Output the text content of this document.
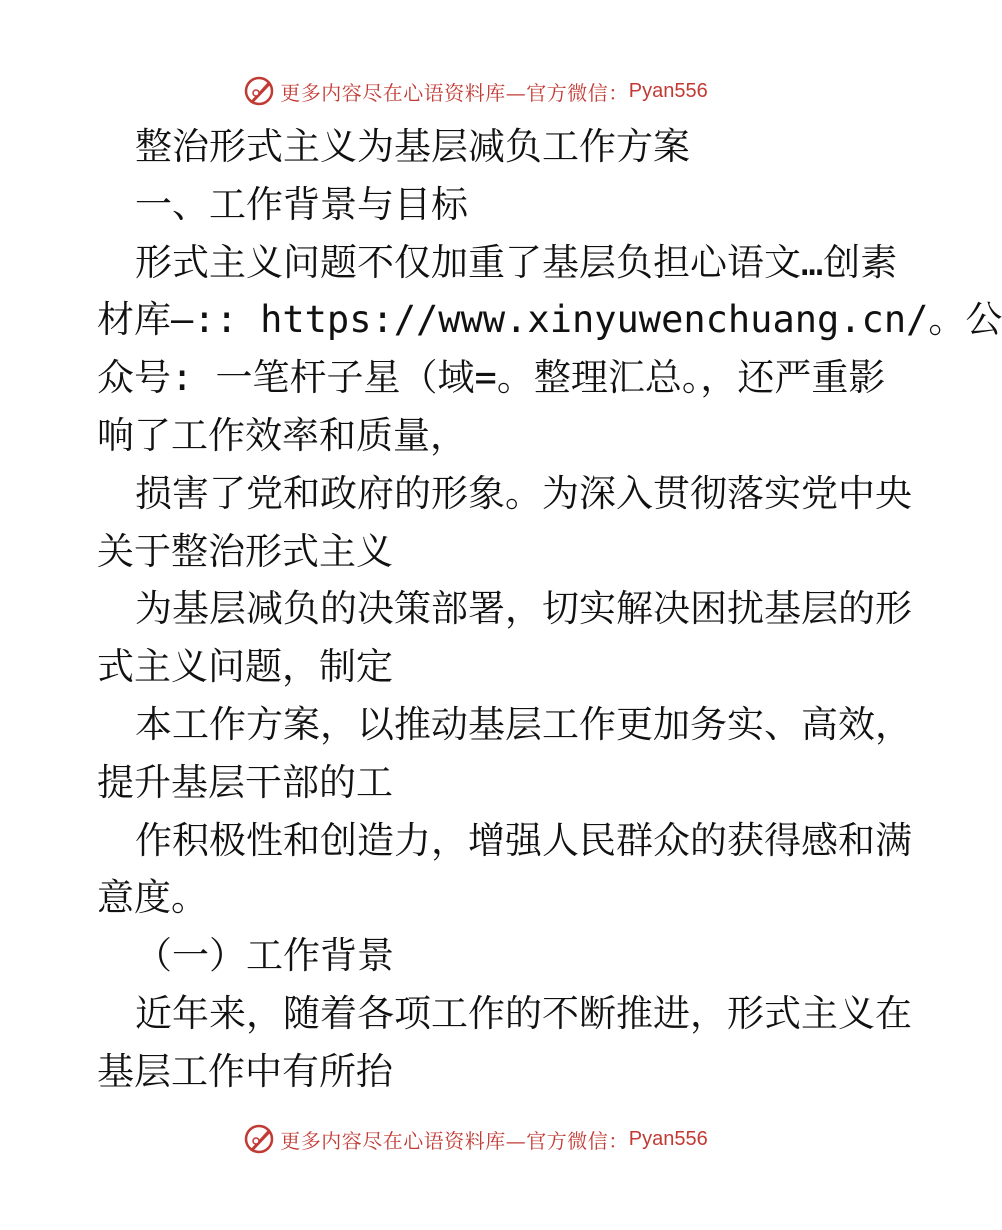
更多内容尽在心语资料库—官方微信： Pyan556

整治形式主义为基层减负工作方案

一、工作背景与目标

形式主义问题不仅加重了基层负担心语文…创素

材库—:: https://www.xinyuwenchuang.cn/。公

众号: 一笔杆子星（域=。整理汇总。，还严重影

响了工作效率和质量，

损害了党和政府的形象。为深入贯彻落实党中央

关于整治形式主义

为基层减负的决策部署，切实解决困扰基层的形

式主义问题，制定

本工作方案，以推动基层工作更加务实、高效，

提升基层干部的工

作积极性和创造力，增强人民群众的获得感和满

意度。

（一）工作背景

近年来，随着各项工作的不断推进，形式主义在

基层工作中有所抬

更多内容尽在心语资料库—官方微信： Pyan556
